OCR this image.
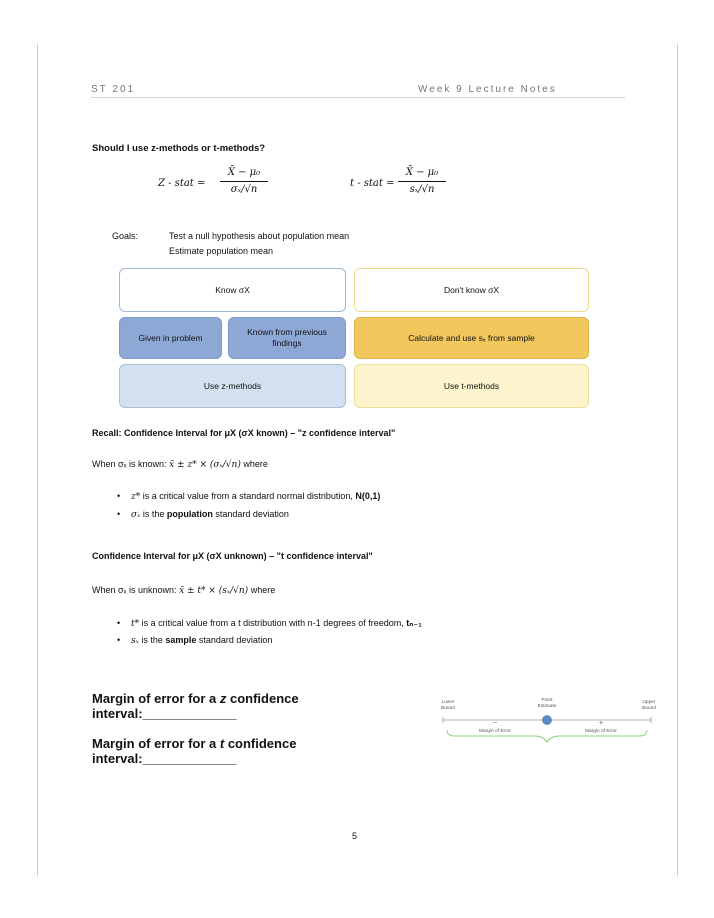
ST 201	Week 9 Lecture Notes
Should I use z-methods or t-methods?
Z - stat =
X̄ − μ₀
σₓ/√n
t - stat =
X̄ − μ₀
sₓ/√n
Goals:	Test a null hypothesis about population mean
Estimate population mean
Know σX	Don't know σX
Given in problem
Known from previous findings
Calculate and use sₓ from sample
Use z-methods	Use t-methods
Recall: Confidence Interval for μX (σX known) – "z confidence interval"
When σₓ is known: x̄ ± z* × (σₓ/√n) where
• z* is a critical value from a standard normal distribution, N(0,1)
• σₓ is the population standard deviation
Confidence Interval for μX (σX unknown) – "t confidence interval"
When σₓ is unknown: x̄ ± t* × (sₓ/√n) where
• t* is a critical value from a t distribution with n-1 degrees of freedom, tₙ₋₁
• sₓ is the sample standard deviation
Margin of error for a z confidence interval:_____________
Margin of error for a t confidence interval:_____________
Lower Bound
Point Estimate
Upper Bound
−	+
Margin of Error	Margin of Error
5
